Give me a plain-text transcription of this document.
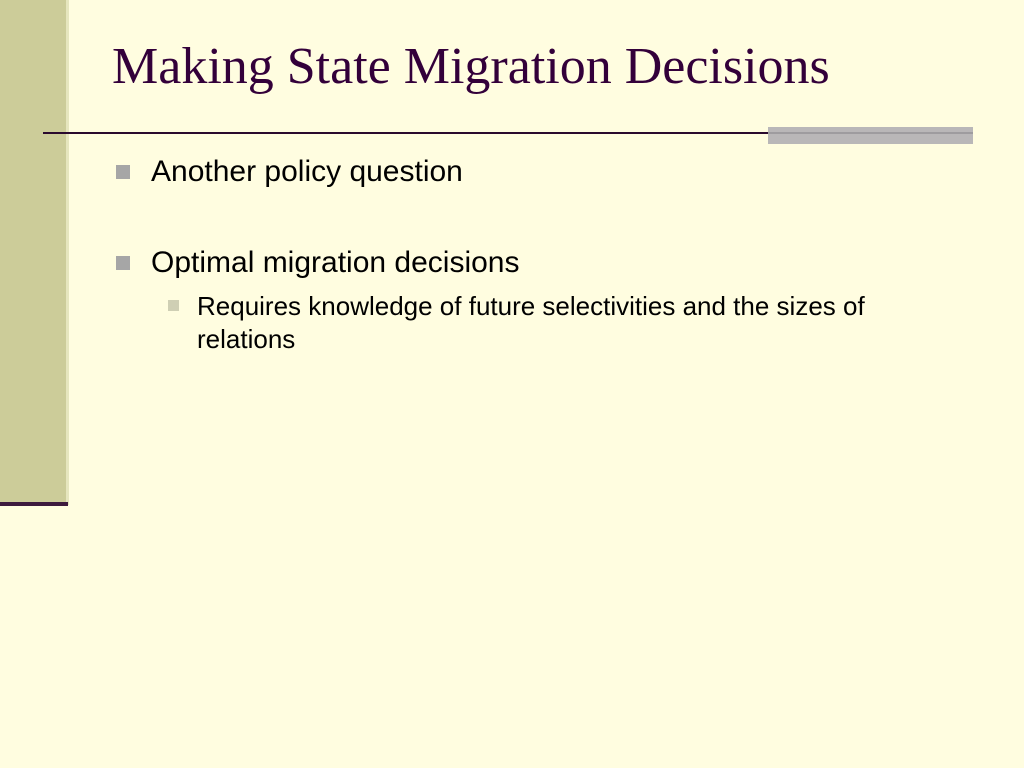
Making State Migration Decisions
Another policy question
Optimal migration decisions
Requires knowledge of future selectivities and the sizes of relations
